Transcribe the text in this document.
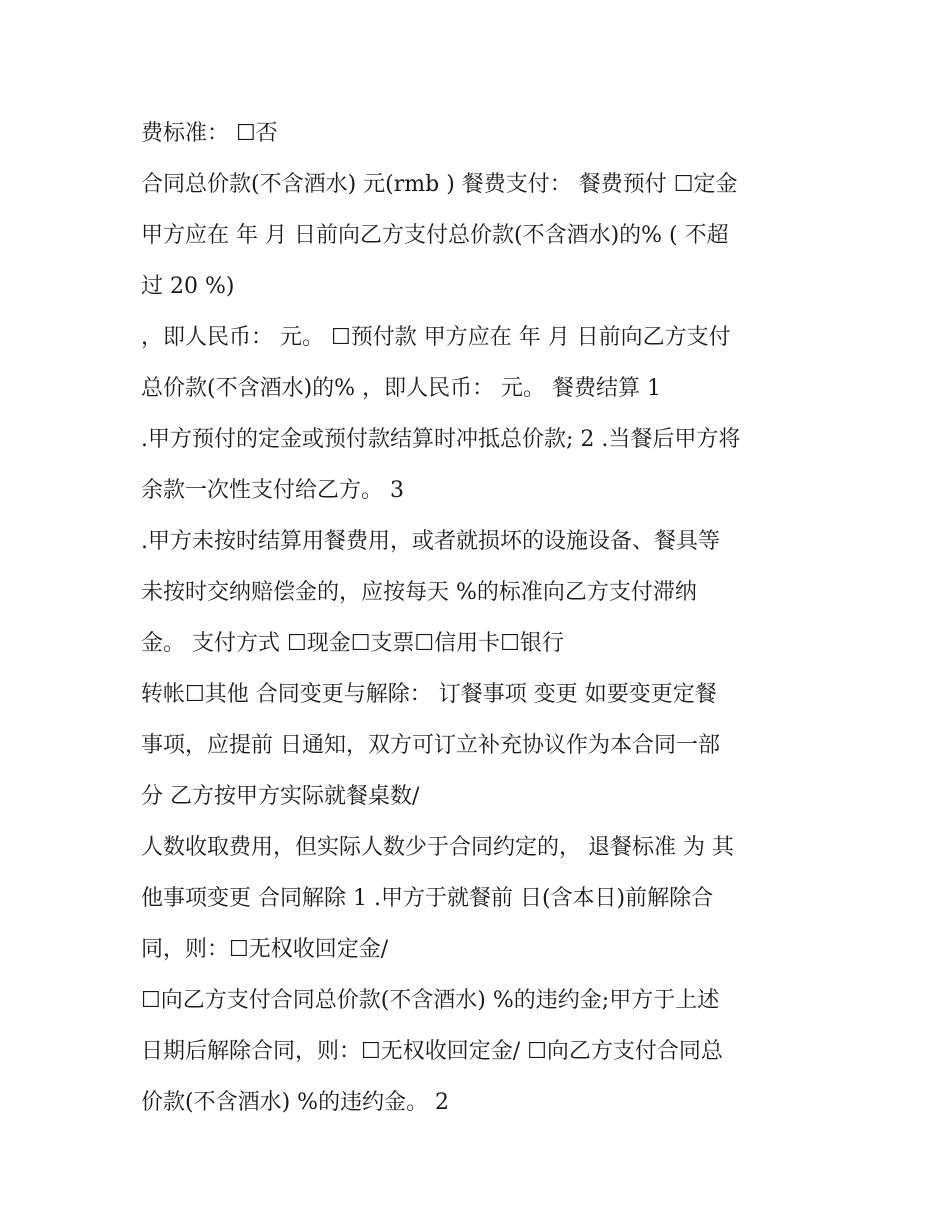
费标准： ☐否
合同总价款(不含酒水) 元(rmb ) 餐费支付： 餐费预付 ☐定金
甲方应在 年 月 日前向乙方支付总价款(不含酒水)的% ( 不超
过 20 %)
，即人民币： 元。 ☐预付款 甲方应在 年 月 日前向乙方支付
总价款(不含酒水)的% ，即人民币： 元。 餐费结算 1
.甲方预付的定金或预付款结算时冲抵总价款; 2 .当餐后甲方将
余款一次性支付给乙方。 3
.甲方未按时结算用餐费用，或者就损坏的设施设备、餐具等
未按时交纳赔偿金的，应按每天 %的标准向乙方支付滞纳
金。 支付方式 ☐现金☐支票☐信用卡☐银行
转帐☐其他 合同变更与解除： 订餐事项 变更 如要变更定餐
事项，应提前 日通知，双方可订立补充协议作为本合同一部
分 乙方按甲方实际就餐桌数/
人数收取费用，但实际人数少于合同约定的， 退餐标准 为 其
他事项变更 合同解除 1 .甲方于就餐前 日(含本日)前解除合
同，则：☐无权收回定金/
☐向乙方支付合同总价款(不含酒水) %的违约金;甲方于上述
日期后解除合同，则：☐无权收回定金/ ☐向乙方支付合同总
价款(不含酒水) %的违约金。 2
